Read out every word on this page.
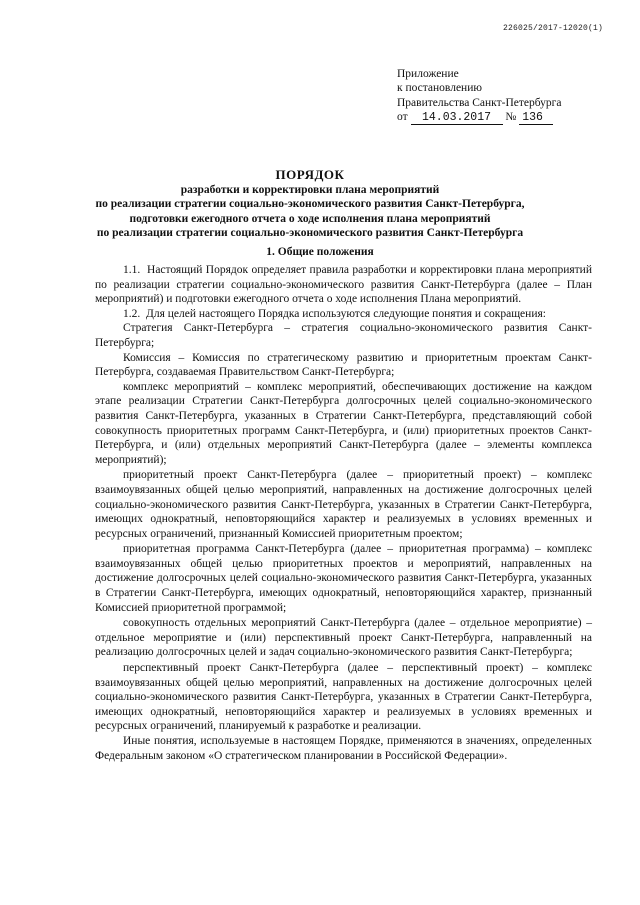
226025/2017-12020(1)
Приложение
к постановлению
Правительства Санкт-Петербурга
от 14.03.2017 № 136
ПОРЯДОК
разработки и корректировки плана мероприятий
по реализации стратегии социально-экономического развития Санкт-Петербурга,
подготовки ежегодного отчета о ходе исполнения плана мероприятий
по реализации стратегии социально-экономического развития Санкт-Петербурга
1. Общие положения

1.1.  Настоящий Порядок определяет правила разработки и корректировки плана мероприятий по реализации стратегии социально-экономического развития Санкт-Петербурга (далее – План мероприятий) и подготовки ежегодного отчета о ходе исполнения Плана мероприятий.

1.2.  Для целей настоящего Порядка используются следующие понятия и сокращения:

Стратегия Санкт-Петербурга – стратегия социально-экономического развития Санкт-Петербурга;

Комиссия – Комиссия по стратегическому развитию и приоритетным проектам Санкт-Петербурга, создаваемая Правительством Санкт-Петербурга;

комплекс мероприятий – комплекс мероприятий, обеспечивающих достижение на каждом этапе реализации Стратегии Санкт-Петербурга долгосрочных целей социально-экономического развития Санкт-Петербурга, указанных в Стратегии Санкт-Петербурга, представляющий собой совокупность приоритетных программ Санкт-Петербурга, и (или) приоритетных проектов Санкт-Петербурга, и (или) отдельных мероприятий Санкт-Петербурга (далее – элементы комплекса мероприятий);

приоритетный проект Санкт-Петербурга (далее – приоритетный проект) – комплекс взаимоувязанных общей целью мероприятий, направленных на достижение долгосрочных целей социально-экономического развития Санкт-Петербурга, указанных в Стратегии Санкт-Петербурга, имеющих однократный, неповторяющийся характер и реализуемых в условиях временных и ресурсных ограничений, признанный Комиссией приоритетным проектом;

приоритетная программа Санкт-Петербурга (далее – приоритетная программа) – комплекс взаимоувязанных общей целью приоритетных проектов и мероприятий, направленных на достижение долгосрочных целей социально-экономического развития Санкт-Петербурга, указанных в Стратегии Санкт-Петербурга, имеющих однократный, неповторяющийся характер, признанный Комиссией приоритетной программой;

совокупность отдельных мероприятий Санкт-Петербурга (далее – отдельное мероприятие) – отдельное мероприятие и (или) перспективный проект Санкт-Петербурга, направленный на реализацию долгосрочных целей и задач социально-экономического развития Санкт-Петербурга;

перспективный проект Санкт-Петербурга (далее – перспективный проект) – комплекс взаимоувязанных общей целью мероприятий, направленных на достижение долгосрочных целей социально-экономического развития Санкт-Петербурга, указанных в Стратегии Санкт-Петербурга, имеющих однократный, неповторяющийся характер и реализуемых в условиях временных и ресурсных ограничений, планируемый к разработке и реализации.

Иные понятия, используемые в настоящем Порядке, применяются в значениях, определенных Федеральным законом «О стратегическом планировании в Российской Федерации».
